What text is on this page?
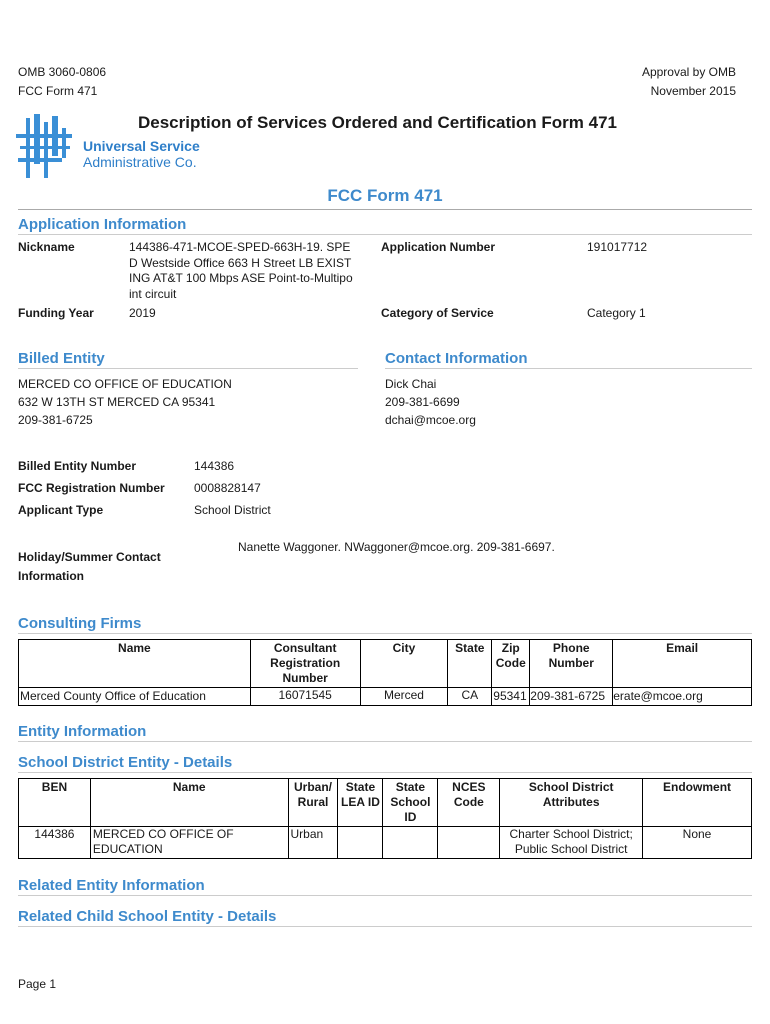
OMB 3060-0806
FCC Form 471
Approval by OMB
November 2015
Universal Service
Administrative Co.
Description of Services Ordered and Certification Form 471
FCC Form 471
Application Information
Nickname	144386-471-MCOE-SPED-663H-19. SPE
D Westside Office 663 H Street LB EXIST
ING AT&T 100 Mbps ASE Point-to-Multipo
int circuit
Application Number	191017712
Funding Year	2019	Category of Service	Category 1
Billed Entity	Contact Information
MERCED CO OFFICE OF EDUCATION
632 W 13TH ST MERCED CA 95341
209-381-6725
Dick Chai
209-381-6699
dchai@mcoe.org
Billed Entity Number	144386
FCC Registration Number 0008828147
Applicant Type	School District
Holiday/Summer Contact
Information
Nanette Waggoner. NWaggoner@mcoe.org. 209-381-6697.
Consulting Firms
Name	Consultant
Registration
Number	City	State	Zip
Code	Phone
Number	Email
Merced County Office of Education	16071545	Merced	CA	95341	209-381-6725	erate@mcoe.org
Entity Information
School District Entity - Details
BEN	Name	Urban/
Rural	State
LEA ID	State
School
ID	NCES
Code	School District
Attributes	Endowment
144386	MERCED CO OFFICE OF
EDUCATION	Urban				Charter School District;
Public School District	None
Related Entity Information
Related Child School Entity - Details
Page 1
